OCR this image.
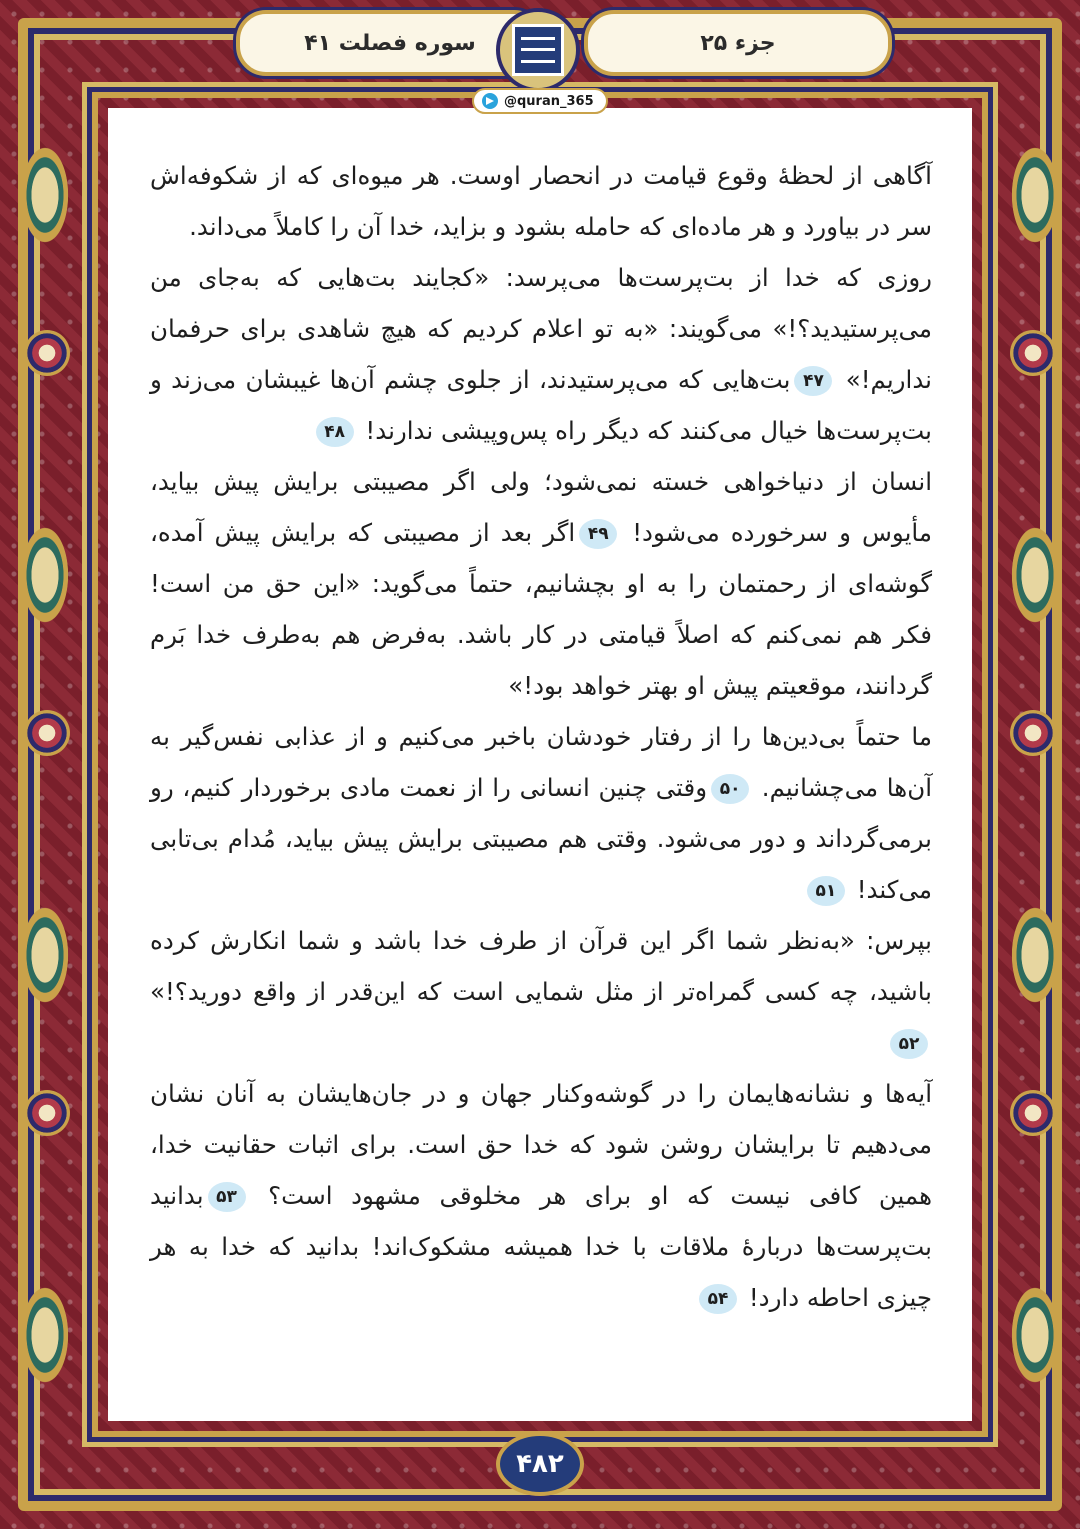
سوره فصلت ۴۱	جزء ۲۵
@quran_365

آگاهی از لحظهٔ وقوع قیامت در انحصار اوست. هر میوه‌ای که از شکوفه‌اش سر در بیاورد و هر ماده‌ای که حامله بشود و بزاید، خدا آن را کاملاً می‌داند.

روزی که خدا از بت‌پرست‌ها می‌پرسد: «کجایند بت‌هایی که به‌جای من می‌پرستیدید؟!» می‌گویند: «به تو اعلام کردیم که هیچ شاهدی برای حرفمان نداریم!» ۴۷بت‌هایی که می‌پرستیدند، از جلوی چشم آن‌ها غیبشان می‌زند و بت‌پرست‌ها خیال می‌کنند که دیگر راه پس‌وپیشی ندارند! ۴۸

انسان از دنیاخواهی خسته نمی‌شود؛ ولی اگر مصیبتی برایش پیش بیاید، مأیوس و سرخورده می‌شود! ۴۹اگر بعد از مصیبتی که برایش پیش آمده، گوشه‌ای از رحمتمان را به او بچشانیم، حتماً می‌گوید: «این حق من است! فکر هم نمی‌کنم که اصلاً قیامتی در کار باشد. به‌فرض هم به‌طرف خدا بَرم گردانند، موقعیتم پیش او بهتر خواهد بود!»

ما حتماً بی‌دین‌ها را از رفتار خودشان باخبر می‌کنیم و از عذابی نفس‌گیر به آن‌ها می‌چشانیم. ۵۰وقتی چنین انسانی را از نعمت مادی برخوردار کنیم، رو برمی‌گرداند و دور می‌شود. وقتی هم مصیبتی برایش پیش بیاید، مُدام بی‌تابی می‌کند! ۵۱

بپرس: «به‌نظر شما اگر این قرآن از طرف خدا باشد و شما انکارش کرده باشید، چه کسی گمراه‌تر از مثل شمایی است که این‌قدر از واقع دورید؟!» ۵۲

آیه‌ها و نشانه‌هایمان را در گوشه‌وکنار جهان و در جان‌هایشان به آنان نشان می‌دهیم تا برایشان روشن شود که خدا حق است. برای اثبات حقانیت خدا، همین کافی نیست که او برای هر مخلوقی مشهود است؟ ۵۳بدانید بت‌پرست‌ها دربارهٔ ملاقات با خدا همیشه مشکوک‌اند! بدانید که خدا به هر چیزی احاطه دارد! ۵۴

۴۸۲
